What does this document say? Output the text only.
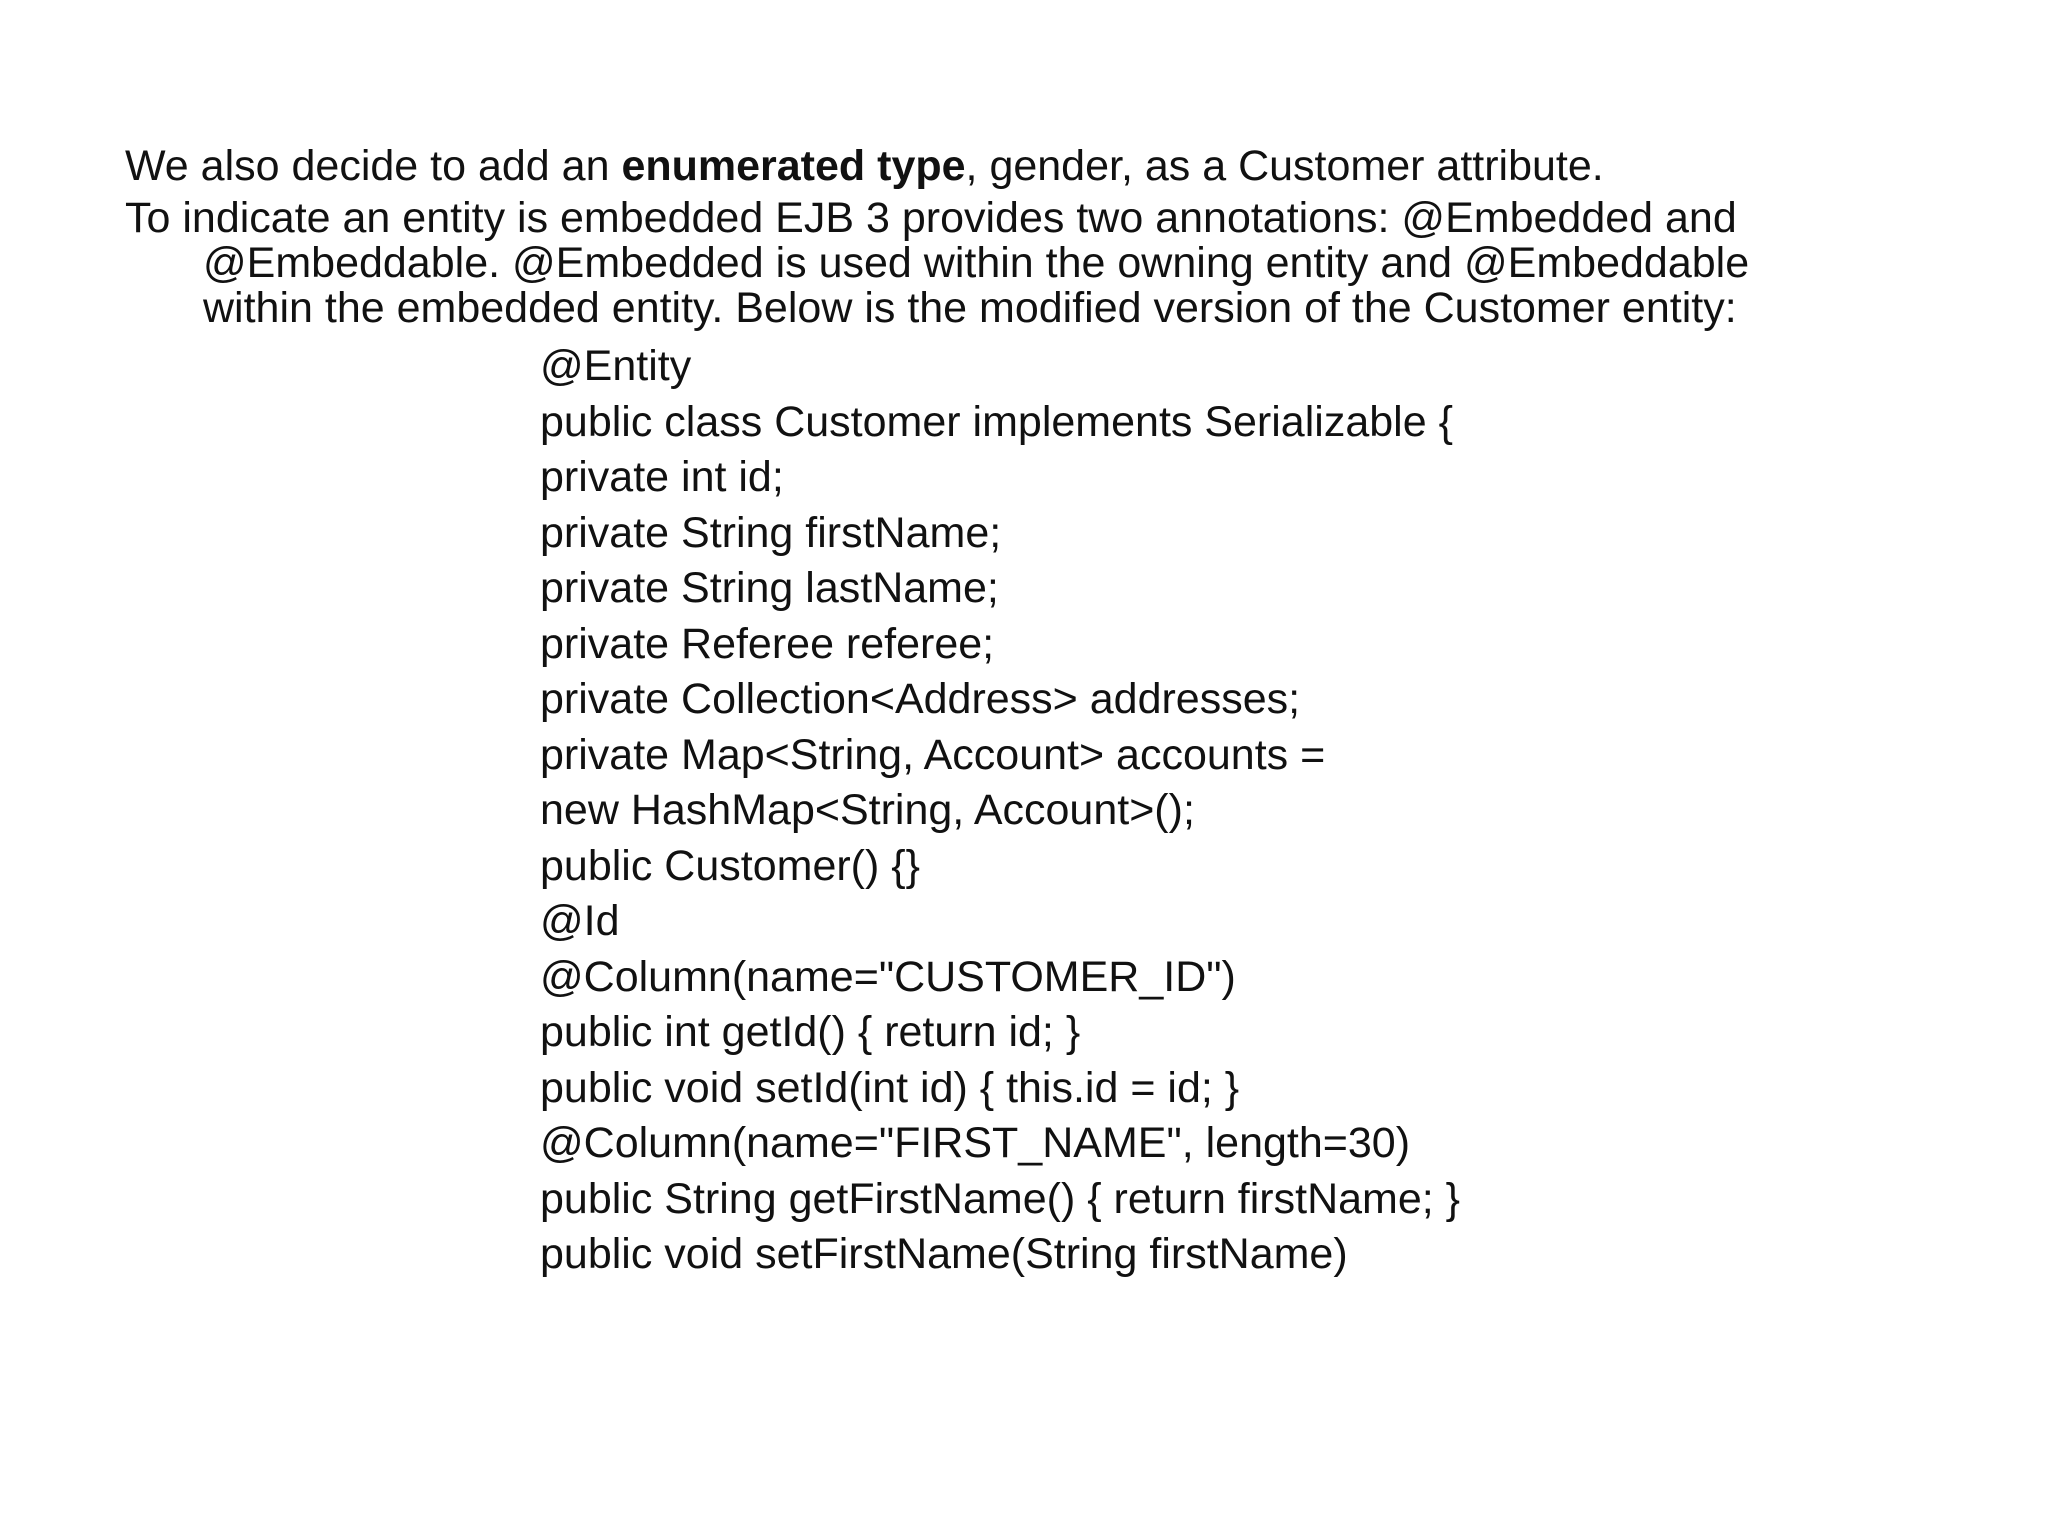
We also decide to add an enumerated type, gender, as a Customer attribute.
To indicate an entity is embedded EJB 3 provides two annotations: @Embedded and
@Embeddable. @Embedded is used within the owning entity and @Embeddable
within the embedded entity. Below is the modified version of the Customer entity:
@Entity
public class Customer implements Serializable {
private int id;
private String firstName;
private String lastName;
private Referee referee;
private Collection<Address> addresses;
private Map<String, Account> accounts =
new HashMap<String, Account>();
public Customer() {}
@Id
@Column(name="CUSTOMER_ID")
public int getId() { return id; }
public void setId(int id) { this.id = id; }
@Column(name="FIRST_NAME", length=30)
public String getFirstName() { return firstName; }
public void setFirstName(String firstName)
